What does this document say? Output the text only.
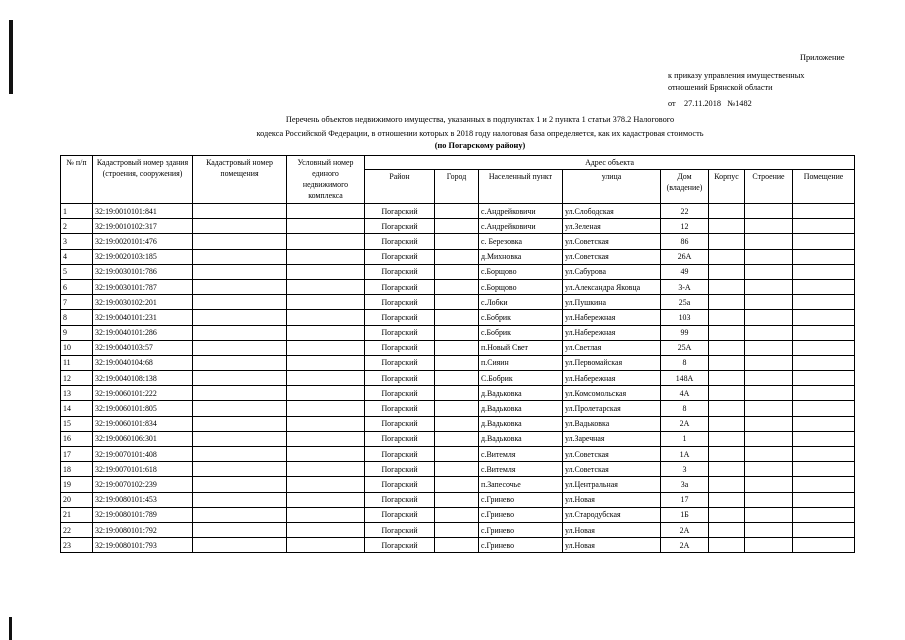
Приложение
к приказу управления имущественных
отношений Брянской области
от 27.11.2018 №1482
Перечень объектов недвижимого имущества, указанных в подпунктах 1 и 2 пункта 1 статьи 378.2 Налогового
кодекса Российской Федерации, в отношении которых в 2018 году налоговая база определяется, как их кадастровая стоимость
(по Погарскому району)
№ п/п	Кадастровый номер здания (строения, сооружения)	Кадастровый номер помещения	Условный номер единого недвижимого комплекса	Адрес объекта							
				Район	Город	Населенный пункт	улица	Дом (владение)	Корпус	Строение	Помещение
1	32:19:0010101:841			Погарский		с.Андрейковичи	ул.Слободская	22			
2	32:19:0010102:317			Погарский		с.Андрейковичи	ул.Зеленая	12			
3	32:19:0020101:476			Погарский		с. Березовка	ул.Советская	86			
4	32:19:0020103:185			Погарский		д.Михновка	ул.Советская	26А			
5	32:19:0030101:786			Погарский		с.Борщово	ул.Сабурова	49			
6	32:19:0030101:787			Погарский		с.Борщово	ул.Александра Яковца	3-А			
7	32:19:0030102:201			Погарский		с.Лобки	ул.Пушкина	25а			
8	32:19:0040101:231			Погарский		с.Бобрик	ул.Набережная	103			
9	32:19:0040101:286			Погарский		с.Бобрик	ул.Набережная	99			
10	32:19:0040103:57			Погарский		п.Новый Свет	ул.Светлая	25А			
11	32:19:0040104:68			Погарский		п.Сияин	ул.Первомайская	8			
12	32:19:0040108:138			Погарский		С.Бобрик	ул.Набережная	148А			
13	32:19:0060101:222			Погарский		д.Вадьковка	ул.Комсомольская	4А			
14	32:19:0060101:805			Погарский		д.Вадьковка	ул.Пролетарская	8			
15	32:19:0060101:834			Погарский		д.Вадьковка	ул.Вадьковка	2А			
16	32:19:0060106:301			Погарский		д.Вадьковка	ул.Заречная	1			
17	32:19:0070101:408			Погарский		с.Витемля	ул.Советская	1А			
18	32:19:0070101:618			Погарский		с.Витемля	ул.Советская	3			
19	32:19:0070102:239			Погарский		п.Запесочье	ул.Центральная	3а			
20	32:19:0080101:453			Погарский		с.Гринево	ул.Новая	17			
21	32:19:0080101:789			Погарский		с.Гринево	ул.Стародубская	1Б			
22	32:19:0080101:792			Погарский		с.Гринево	ул.Новая	2А			
23	32:19:0080101:793			Погарский		с.Гринево	ул.Новая	2А			
